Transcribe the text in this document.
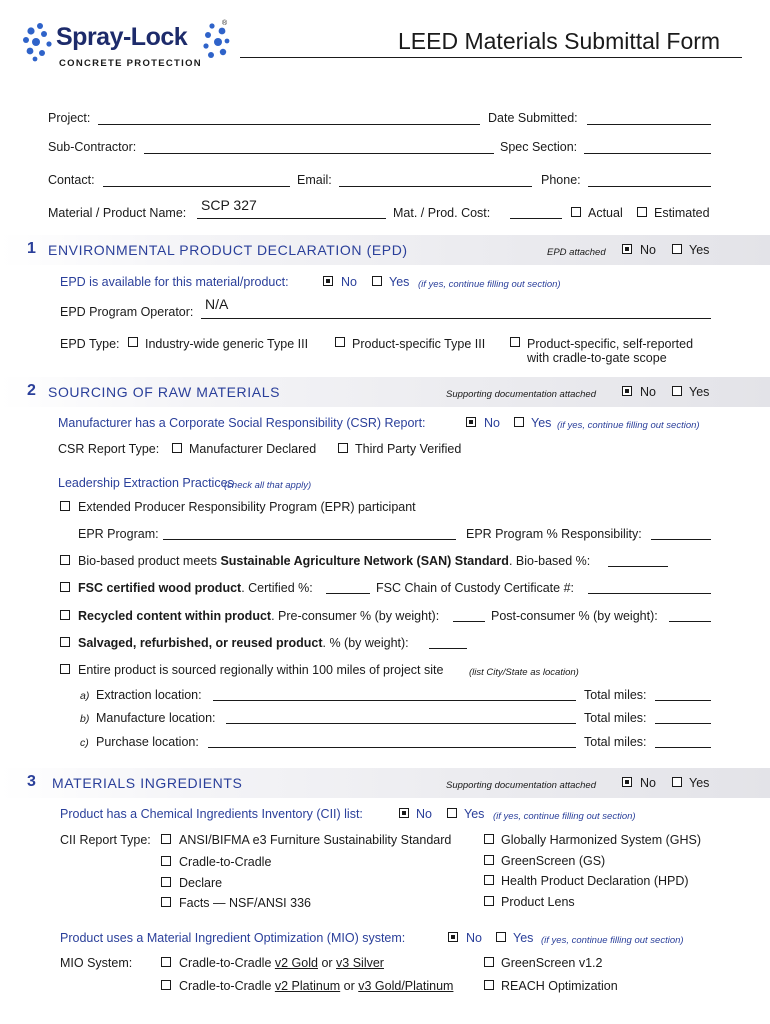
Spray-Lock	®
CONCRETE PROTECTION
LEED Materials Submittal Form
Project:	Date Submitted:
Sub-Contractor:	Spec Section:
Contact:	Email:	Phone:
Material / Product Name: SCP 327	Mat. / Prod. Cost:	Actual	Estimated
1 ENVIRONMENTAL PRODUCT DECLARATION (EPD)	EPD attached	No	Yes
EPD is available for this material/product:	No	Yes (if yes, continue filling out section)
EPD Program Operator: N/A
EPD Type: Industry-wide generic Type III	Product-specific Type III	Product-specific, self-reported
with cradle-to-gate scope
2 SOURCING OF RAW MATERIALS	Supporting documentation attached	No	Yes
Manufacturer has a Corporate Social Responsibility (CSR) Report:	No Yes (if yes, continue filling out section)
CSR Report Type: Manufacturer Declared	Third Party Verified
Leadership Extraction Practices
(check all that apply)
Extended Producer Responsibility Program (EPR) participant
EPR Program:	EPR Program % Responsibility:
Bio-based product meets Sustainable Agriculture Network (SAN) Standard. Bio-based %:
FSC certified wood product. Certified %:	FSC Chain of Custody Certificate #:
Recycled content within product. Pre-consumer % (by weight):	Post-consumer % (by weight):
Salvaged, refurbished, or reused product. % (by weight):
Entire product is sourced regionally within 100 miles of project site	(list City/State as location)
a) Extraction location:	Total miles:
b) Manufacture location:	Total miles:
c) Purchase location:	Total miles:
3 MATERIALS INGREDIENTS	Supporting documentation attached	No	Yes
Product has a Chemical Ingredients Inventory (CII) list:	No	Yes (if yes, continue filling out section)
CII Report Type: ANSI/BIFMA e3 Furniture Sustainability Standard	Globally Harmonized System (GHS)
Cradle-to-Cradle	GreenScreen (GS)
Declare	Health Product Declaration (HPD)
Facts — NSF/ANSI 336	Product Lens
Product uses a Material Ingredient Optimization (MIO) system:	No Yes (if yes, continue filling out section)
MIO System:	Cradle-to-Cradle v2 Gold or v3 Silver	GreenScreen v1.2
Cradle-to-Cradle v2 Platinum or v3 Gold/Platinum	REACH Optimization
